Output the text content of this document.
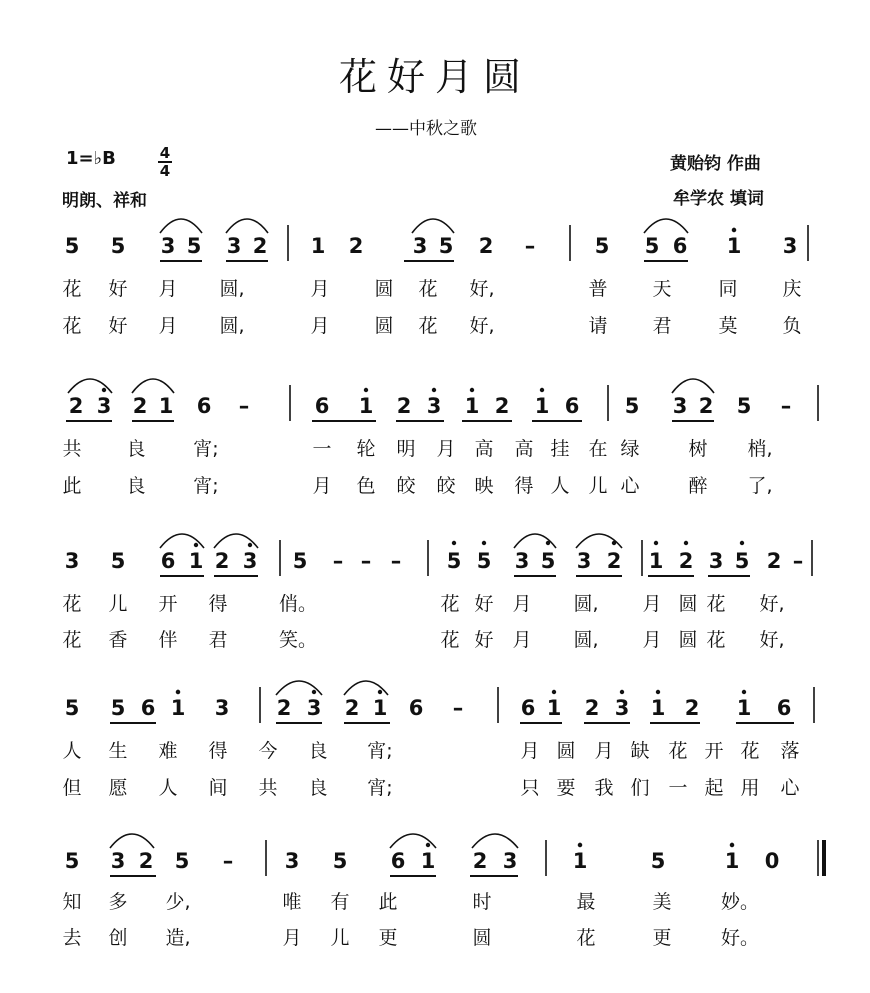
花好月圆
——中秋之歌
1=♭B	4
4
明朗、祥和
黄贻钧 作曲
牟学农 填词
5 5 3 5 3 2 1 2 3 5 2 –	5 5 6 1 3
2 3 2 1 6 –	6 1 2 3 1 2 1 6 5 3 2 5 –
3 5 6 1 2 3 5 – – – 5 5 3 5 3 2 1 2 3 5 2 –
5 5 6 1 3 2 3 2 1 6 –	6 1 2 3 1 2 1 6
5 3 2 5 – 3 5 6 1 2 3	1	5	1 0
花 好 月 圆,	月 圆 花 好,	普 天 同 庆
花 好 月 圆,	月 圆 花 好,	请 君 莫 负
共 良	宵;	一 轮 明 月 高 高 挂 在 绿	树 梢,
此 良	宵;	月 色 皎 皎 映 得 人 儿 心	醉 了,
花 儿 开 得	俏。	花 好 月 圆, 月 圆 花 好,
花 香 伴 君	笑。	花 好 月 圆, 月 圆 花 好,
人 生 难 得 今 良 宵;	月 圆 月 缺 花 开 花 落
但 愿 人 间 共 良 宵;	只 要 我 们 一 起 用 心
知 多 少,	唯 有 此	时	最	美	妙。
去 创 造,	月 儿 更	圆	花	更	好。
